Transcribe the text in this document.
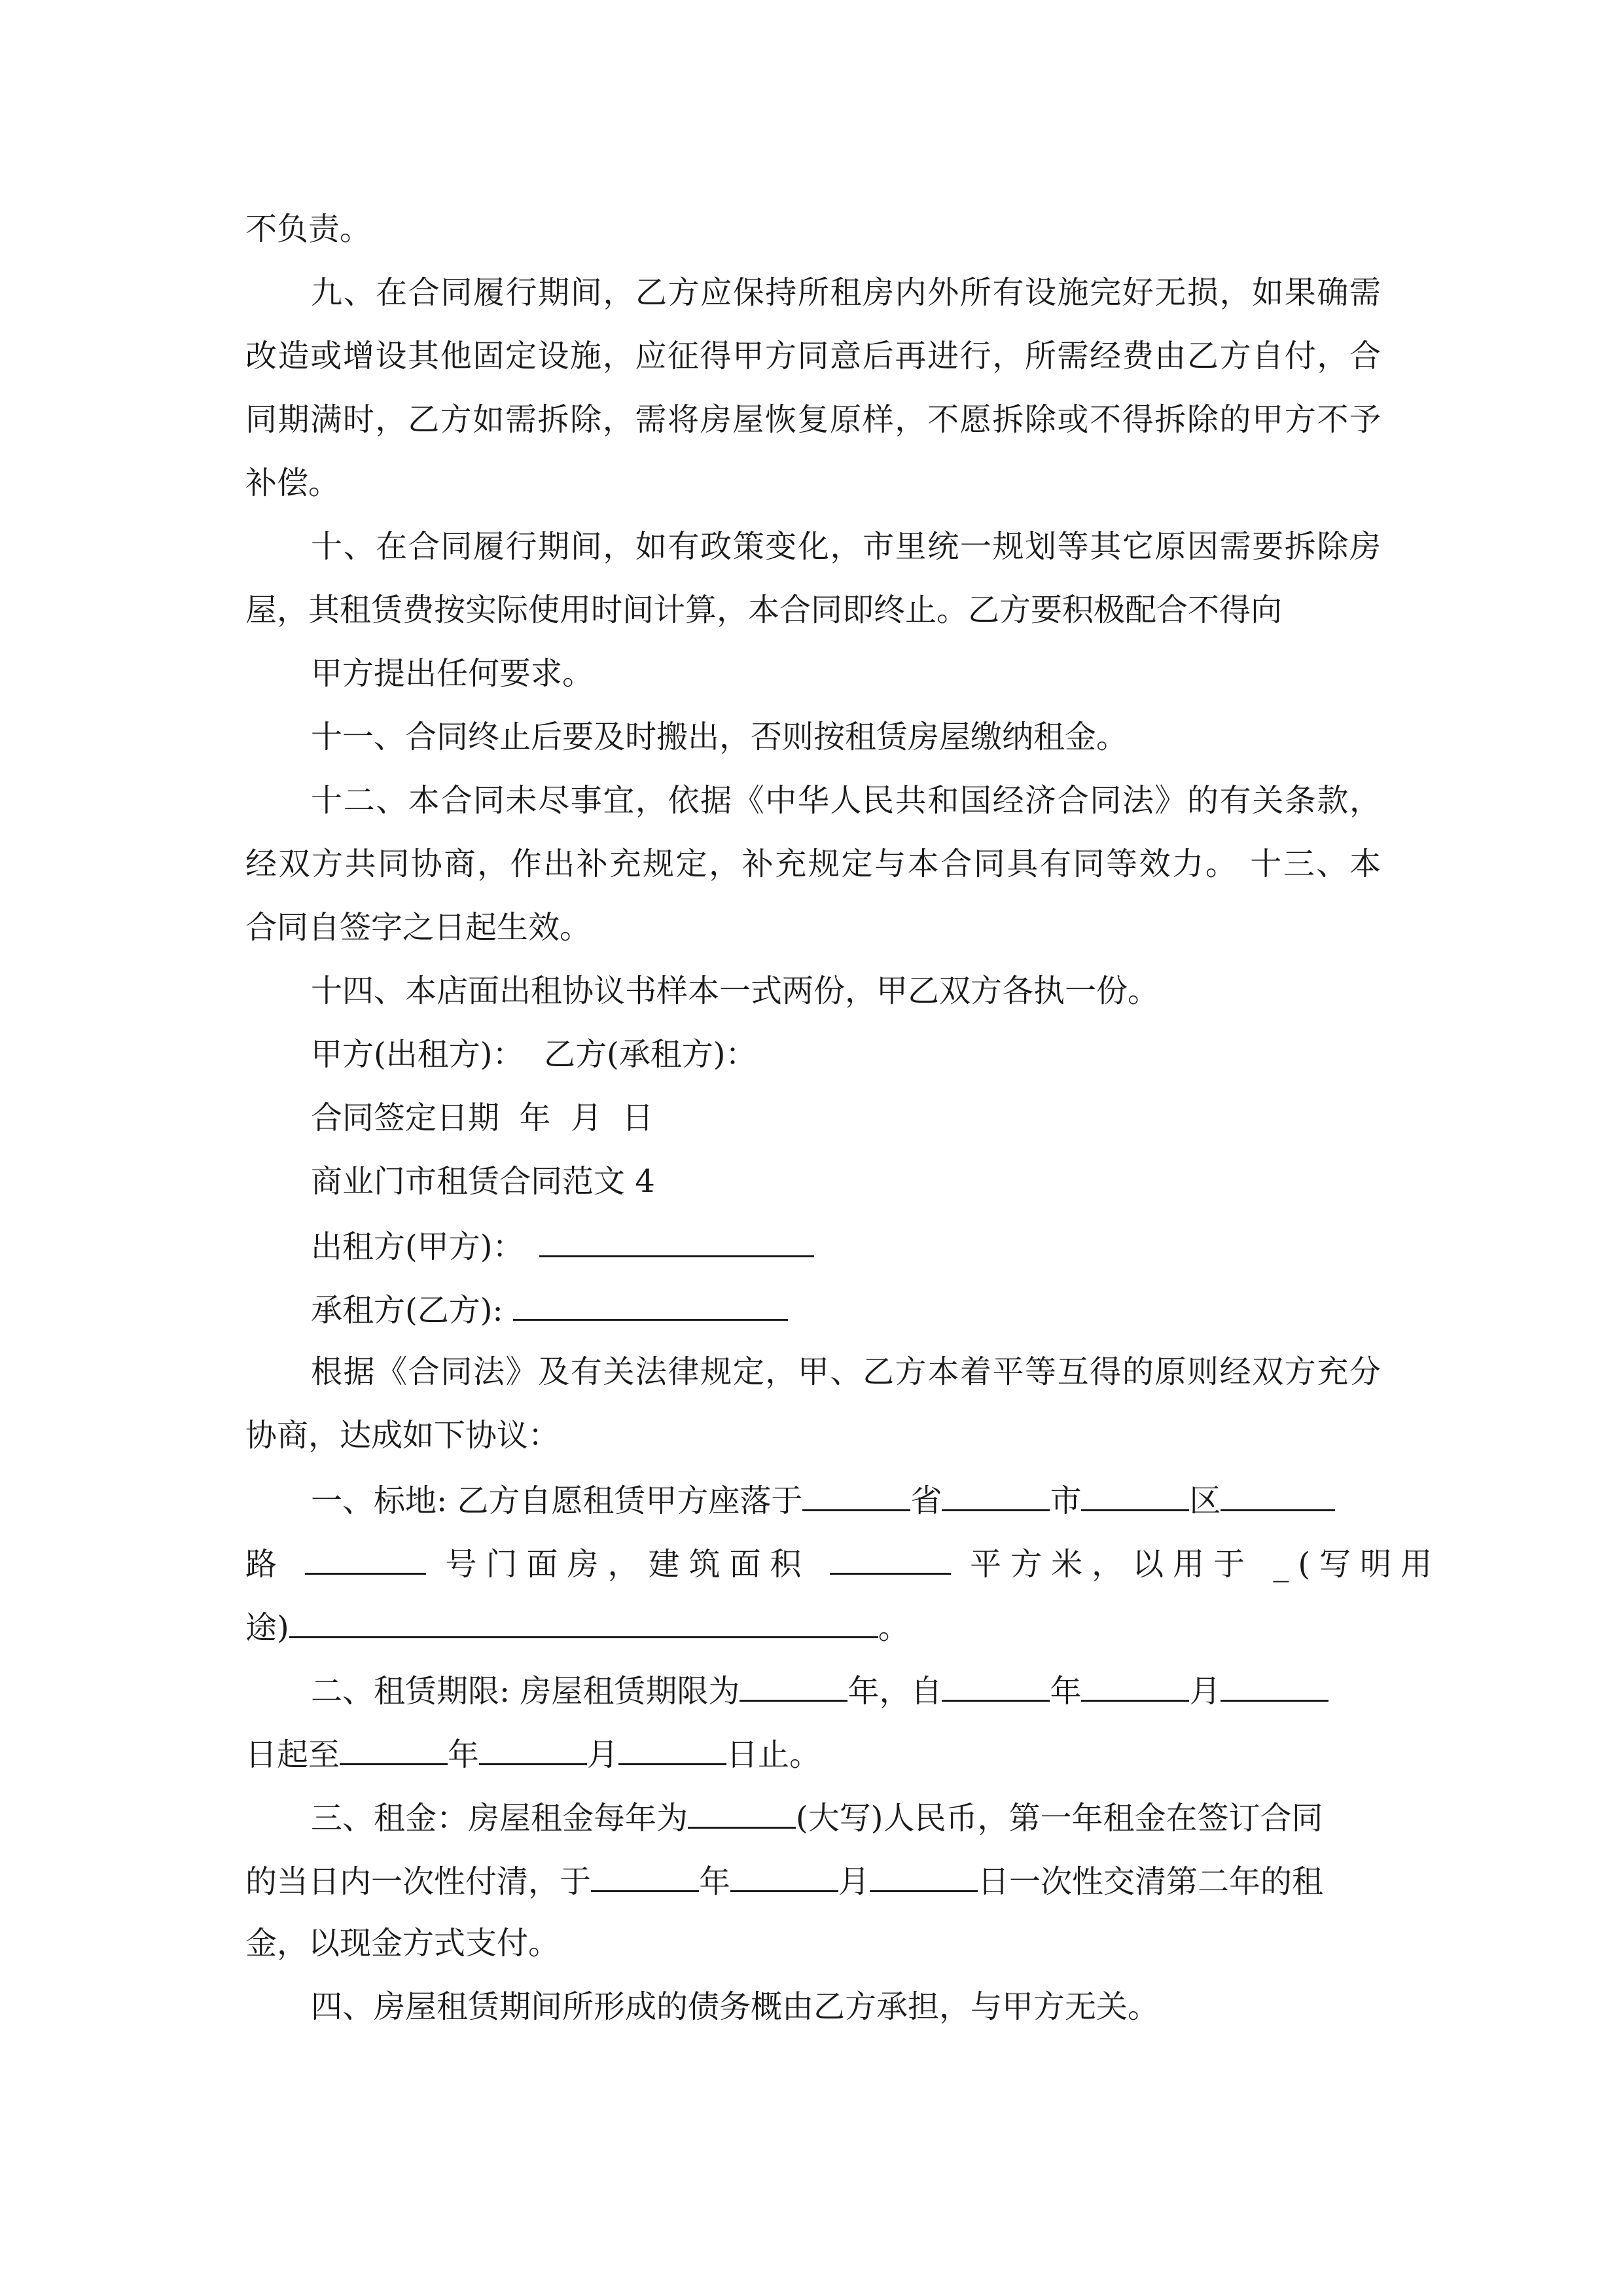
不负责。
九、在合同履行期间，乙方应保持所租房内外所有设施完好无损，如果确需
改造或增设其他固定设施，应征得甲方同意后再进行，所需经费由乙方自付，合
同期满时，乙方如需拆除，需将房屋恢复原样，不愿拆除或不得拆除的甲方不予
补偿。
十、在合同履行期间，如有政策变化，市里统一规划等其它原因需要拆除房
屋，其租赁费按实际使用时间计算，本合同即终止。乙方要积极配合不得向
甲方提出任何要求。
十一、合同终止后要及时搬出，否则按租赁房屋缴纳租金。
十二、本合同未尽事宜，依据《中华人民共和国经济合同法》的有关条款，
经双方共同协商，作出补充规定，补充规定与本合同具有同等效力。 十三、本
合同自签字之日起生效。
十四、本店面出租协议书样本一式两份，甲乙双方各执一份。
甲方(出租方)：  乙方(承租方)：
合同签定日期  年  月  日
商业门市租赁合同范文 4
出租方(甲方)：
承租方(乙方):
根据《合同法》及有关法律规定，甲、乙方本着平等互得的原则经双方充分
协商，达成如下协议：
一、标地: 乙方自愿租赁甲方座落于	省	市	区
路	号门面房，建筑面积	平方米，以用于 _(写明用
途)	。
二、租赁期限: 房屋租赁期限为	年，自	年	月
日起至	年	月	日止。
三、租金：房屋租金每年为	(大写)人民币，第一年租金在签订合同
的当日内一次性付清，于	年	月	日一次性交清第二年的租
金，以现金方式支付。
四、房屋租赁期间所形成的债务概由乙方承担，与甲方无关。
